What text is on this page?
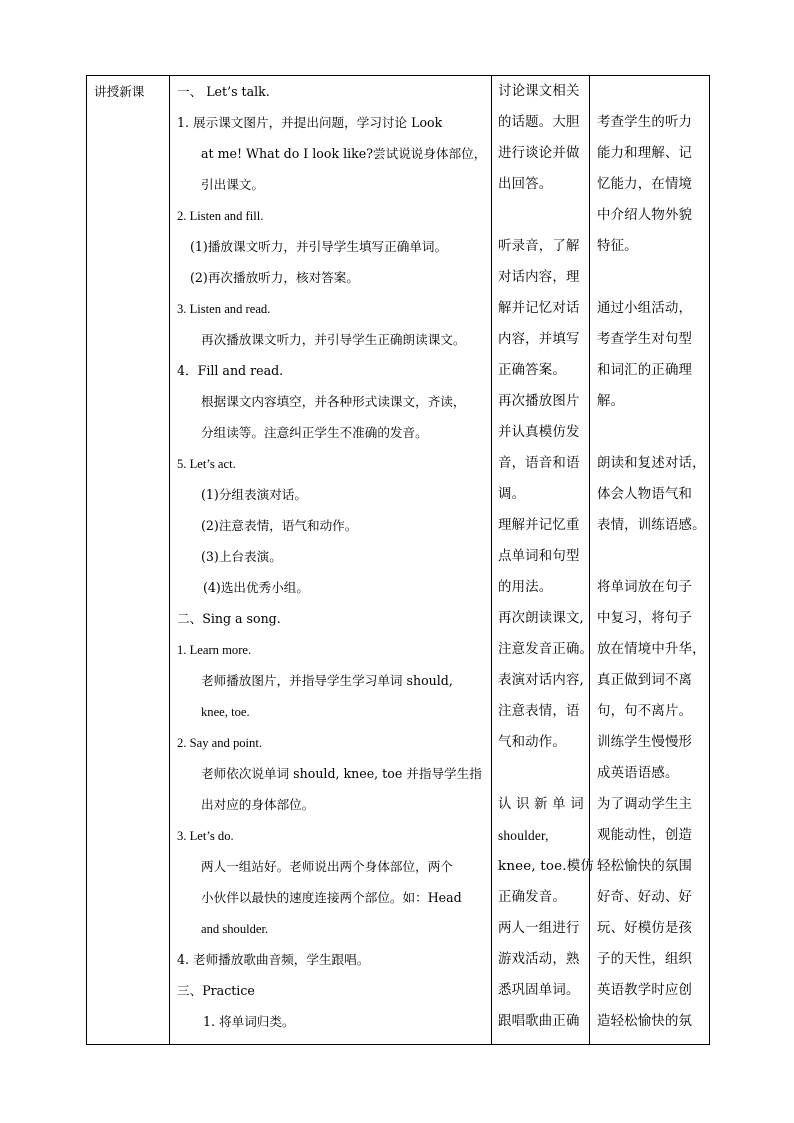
讲授新课	一、 Let’s talk.
1. 展示课文图片，并提出问题，学习讨论 Look
at me! What do I look like?尝试说说身体部位，
引出课文。
2. Listen and fill.
(1)播放课文听力，并引导学生填写正确单词。
(2)再次播放听力，核对答案。
3. Listen and read.
再次播放课文听力，并引导学生正确朗读课文。
4．Fill and read.
根据课文内容填空，并各种形式读课文，齐读，
分组读等。注意纠正学生不准确的发音。
5. Let’s act.
(1)分组表演对话。
(2)注意表情，语气和动作。
(3)上台表演。
(4)选出优秀小组。
二、Sing a song.
1. Learn more.
老师播放图片，并指导学生学习单词 should,
knee, toe.
2. Say and point.
老师依次说单词 should, knee, toe 并指导学生指
出对应的身体部位。
3. Let’s do.
两人一组站好。老师说出两个身体部位，两个
小伙伴以最快的速度连接两个部位。如：Head
and shoulder.
4. 老师播放歌曲音频，学生跟唱。
三、Practice
1. 将单词归类。

讨论课文相关
的话题。大胆
进行谈论并做
出回答。
听录音，了解
对话内容，理
解并记忆对话
内容，并填写
正确答案。
再次播放图片
并认真模仿发
音，语音和语
调。
理解并记忆重
点单词和句型
的用法。
再次朗读课文,
注意发音正确。
表演对话内容,
注意表情，语
气和动作。
认 识 新 单 词
shoulder,
knee, toe.模仿
正确发音。
两人一组进行
游戏活动，熟
悉巩固单词。
跟唱歌曲正确

考查学生的听力
能力和理解、记
忆能力，在情境
中介绍人物外貌
特征。
通过小组活动，
考查学生对句型
和词汇的正确理
解。
朗读和复述对话，
体会人物语气和
表情，训练语感。
将单词放在句子
中复习，将句子
放在情境中升华，
真正做到词不离
句，句不离片。
训练学生慢慢形
成英语语感。
为了调动学生主
观能动性，创造
轻松愉快的氛围
好奇、好动、好
玩、好模仿是孩
子的天性，组织
英语教学时应创
造轻松愉快的氛
